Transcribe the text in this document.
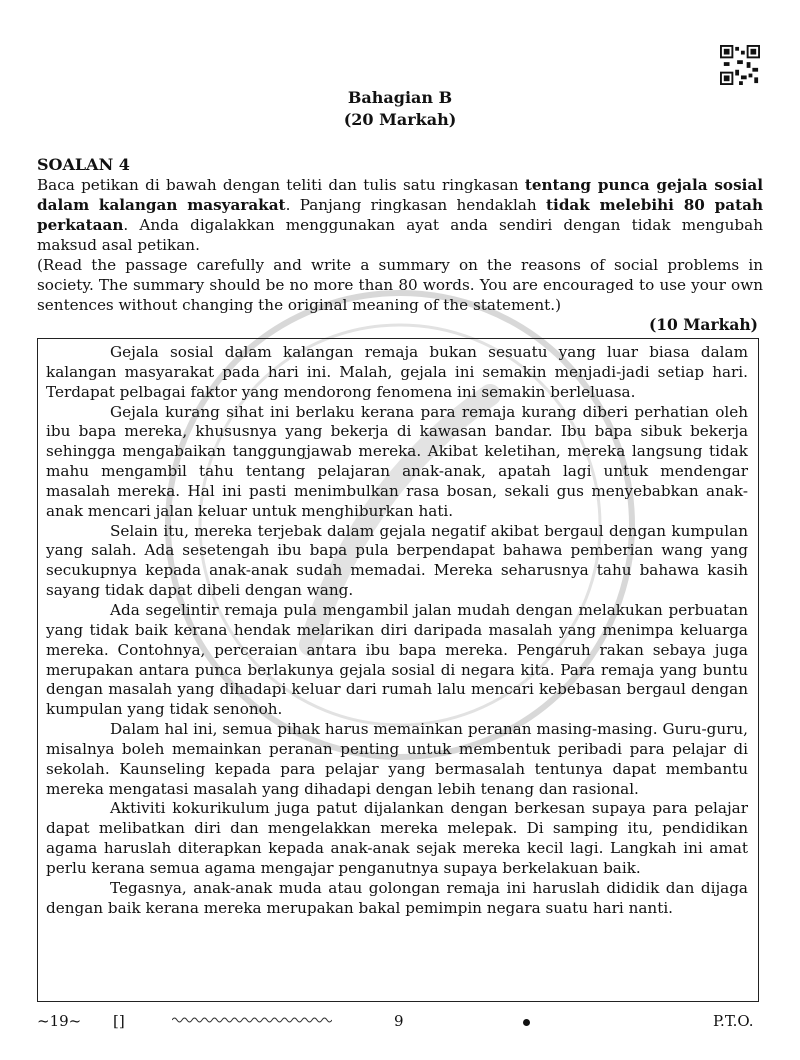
Bahagian B
(20 Markah)
SOALAN 4
Baca petikan di bawah dengan teliti dan tulis satu ringkasan tentang punca gejala sosial dalam kalangan masyarakat. Panjang ringkasan hendaklah tidak melebihi 80 patah perkataan. Anda digalakkan menggunakan ayat anda sendiri dengan tidak mengubah maksud asal petikan.
(Read the passage carefully and write a summary on the reasons of social problems in society. The summary should be no more than 80 words. You are encouraged to use your own sentences without changing the original meaning of the statement.)
(10 Markah)

Gejala sosial dalam kalangan remaja bukan sesuatu yang luar biasa dalam kalangan masyarakat pada hari ini. Malah, gejala ini semakin menjadi-jadi setiap hari. Terdapat pelbagai faktor yang mendorong fenomena ini semakin berleluasa.

Gejala kurang sihat ini berlaku kerana para remaja kurang diberi perhatian oleh ibu bapa mereka, khususnya yang bekerja di kawasan bandar. Ibu bapa sibuk bekerja sehingga mengabaikan tanggungjawab mereka. Akibat keletihan, mereka langsung tidak mahu mengambil tahu tentang pelajaran anak-anak, apatah lagi untuk mendengar masalah mereka. Hal ini pasti menimbulkan rasa bosan, sekali gus menyebabkan anak-anak mencari jalan keluar untuk menghiburkan hati.

Selain itu, mereka terjebak dalam gejala negatif akibat bergaul dengan kumpulan yang salah. Ada sesetengah ibu bapa pula berpendapat bahawa pemberian wang yang secukupnya kepada anak-anak sudah memadai. Mereka seharusnya tahu bahawa kasih sayang tidak dapat dibeli dengan wang.

Ada segelintir remaja pula mengambil jalan mudah dengan melakukan perbuatan yang tidak baik kerana hendak melarikan diri daripada masalah yang menimpa keluarga mereka. Contohnya, perceraian antara ibu bapa mereka. Pengaruh rakan sebaya juga merupakan antara punca berlakunya gejala sosial di negara kita. Para remaja yang buntu dengan masalah yang dihadapi keluar dari rumah lalu mencari kebebasan bergaul dengan kumpulan yang tidak senonoh.

Dalam hal ini, semua pihak harus memainkan peranan masing-masing. Guru-guru, misalnya boleh memainkan peranan penting untuk membentuk peribadi para pelajar di sekolah. Kaunseling kepada para pelajar yang bermasalah tentunya dapat membantu mereka mengatasi masalah yang dihadapi dengan lebih tenang dan rasional.

Aktiviti kokurikulum juga patut dijalankan dengan berkesan supaya para pelajar dapat melibatkan diri dan mengelakkan mereka melepak. Di samping itu, pendidikan agama haruslah diterapkan kepada anak-anak sejak mereka kecil lagi. Langkah ini amat perlu kerana semua agama mengajar penganutnya supaya berkelakuan baik.

Tegasnya, anak-anak muda atau golongan remaja ini haruslah dididik dan dijaga dengan baik kerana mereka merupakan bakal pemimpin negara suatu hari nanti.

~19~ []	9	P.T.O.
